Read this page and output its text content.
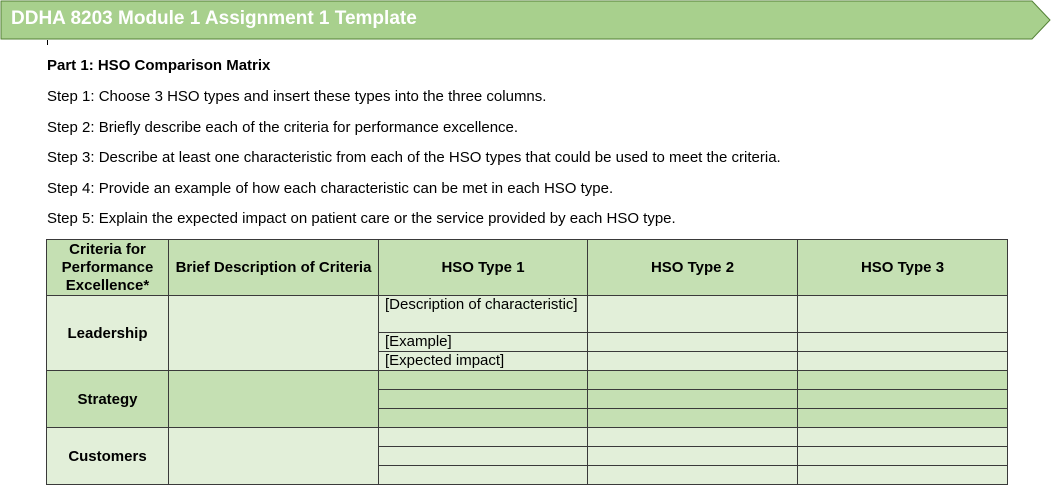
DDHA 8203 Module 1 Assignment 1 Template
Part 1: HSO Comparison Matrix
Step 1: Choose 3 HSO types and insert these types into the three columns.
Step 2: Briefly describe each of the criteria for performance excellence.
Step 3: Describe at least one characteristic from each of the HSO types that could be used to meet the criteria.
Step 4: Provide an example of how each characteristic can be met in each HSO type.
Step 5: Explain the expected impact on patient care or the service provided by each HSO type.
Criteria for Performance Excellence*	Brief Description of Criteria	HSO Type 1	HSO Type 2	HSO Type 3
Leadership		[Description of characteristic]		
		[Example]		
		[Expected impact]		
Strategy				

Customers				
